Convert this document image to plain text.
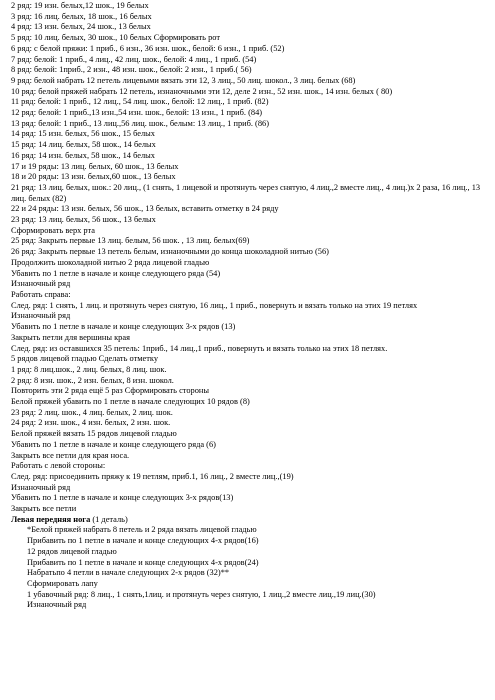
2 ряд: 19 изн. белых,12 шок., 19 белых
3 ряд: 16 лиц. белых, 18 шок., 16 белых
4 ряд: 13 изн. белых, 24 шок., 13 белых
5 ряд: 10 лиц. белых, 30 шок., 10 белых Сформировать рот
6 ряд: с белой пряжи: 1 приб., 6 изн., 36 изн. шок., белой: 6 изн., 1 приб. (52)
7 ряд: белой: 1 приб., 4 лиц., 42 лиц. шок., белой: 4 лиц., 1 приб. (54)
8 ряд: белой: 1приб., 2 изн., 48 изн. шок., белой: 2 изн., 1 приб.( 56)
9 ряд: белой набрать 12 петель лицевыми вязать эти 12, 3 лиц., 50 лиц. шокол., 3 лиц. белых (68)
10 ряд: белой пряжей набрать 12 петель, изнаночными эти 12, деле 2 изн., 52 изн. шок., 14 изн. белых ( 80)
11 ряд: белой: 1 приб., 12 лиц., 54 лиц. шок., белой: 12 лиц., 1 приб. (82)
12 ряд: белой: 1 приб.,13 изн.,54 изн. шок., белой: 13 изн., 1 приб. (84)
13 ряд: белой: 1 приб., 13 лиц.,56 лиц. шок., белым: 13 лиц., 1 приб. (86)
14 ряд: 15 изн. белых, 56 шок., 15 белых
15 ряд: 14 лиц. белых, 58 шок., 14 белых
16 ряд: 14 изн. белых, 58 шок., 14 белых
17 и 19 ряды: 13 лиц. белых, 60 шок., 13 белых
18 и 20 ряды: 13 изн. белых,60 шок., 13 белых
21 ряд: 13 лиц. белых, шок.: 20 лиц., (1 снять, 1 лицевой и протянуть через снятую, 4 лиц.,2 вместе лиц., 4 лиц.)х 2 раза, 16 лиц., 13 лиц. белых (82)
22 и 24 ряды: 13 изн. белых, 56 шок., 13 белых, вставить отметку в 24 ряду
23 ряд: 13 лиц. белых, 56 шок., 13 белых
Сформировать верх рта
25 ряд: Закрыть первые 13 лиц. белым, 56 шок. , 13 лиц. белых(69)
26 ряд: Закрыть первые 13 петель белым, изнаночными до конца шоколадной нитью (56)
Продолжить шоколадной нитью 2 ряда лицевой гладью
Убавить по 1 петле в начале и конце следующего ряда (54)
Изнаночный ряд
Работать справа:
След. ряд: 1 снять, 1 лиц. и протянуть через снятую, 16 лиц., 1 приб., повернуть и вязать только на этих 19 петлях
Изнаночный ряд
Убавить по 1 петле в начале и конце следующих 3-х рядов (13)
Закрыть петли для вершины края
След. ряд: из оставшихся 35 петель: 1приб., 14 лиц.,1 приб., повернуть и вязать только на этих 18 петлях.
5 рядов лицевой гладью Сделать отметку
1 ряд: 8 лиц.шок., 2 лиц. белых, 8 лиц. шок.
2 ряд: 8 изн. шок., 2 изн. белых, 8 изн. шокол.
Повторить эти 2 ряда ещё 5 раз Сформировать стороны
Белой пряжей убавить по 1 петле в начале следующих 10 рядов (8)
23 ряд: 2 лиц. шок., 4 лиц. белых, 2 лиц. шок.
24 ряд: 2 изн. шок., 4 изн. белых, 2 изн. шок.
Белой пряжей вязать 15 рядов лицевой гладью
Убавить по 1 петле в начале и конце следующего ряда (6)
Закрыть все петли для края носа.
Работать с левой стороны:
След. ряд: присоединить пряжу к 19 петлям, приб.1, 16 лиц., 2 вместе лиц.,(19)
Изнаночный ряд
Убавить по 1 петле в начале и конце следующих 3-х рядов(13)
Закрыть все петли
Левая передняя нога (1 деталь)
*Белой пряжей набрать 8 петель и 2 ряда вязать лицевой гладью
Прибавить по 1 петле в начале и конце следующих 4-х рядов(16)
12 рядов лицевой гладью
Прибавить по 1 петле в начале и конце следующих 4-х рядов(24)
Набратьпо 4 петли в начале следующих 2-х рядов (32)**
Сформировать лапу
1 убавочный ряд: 8 лиц., 1 снять,1лиц. и протянуть через снятую, 1 лиц.,2 вместе лиц.,19 лиц.(30)
Изнаночный ряд
